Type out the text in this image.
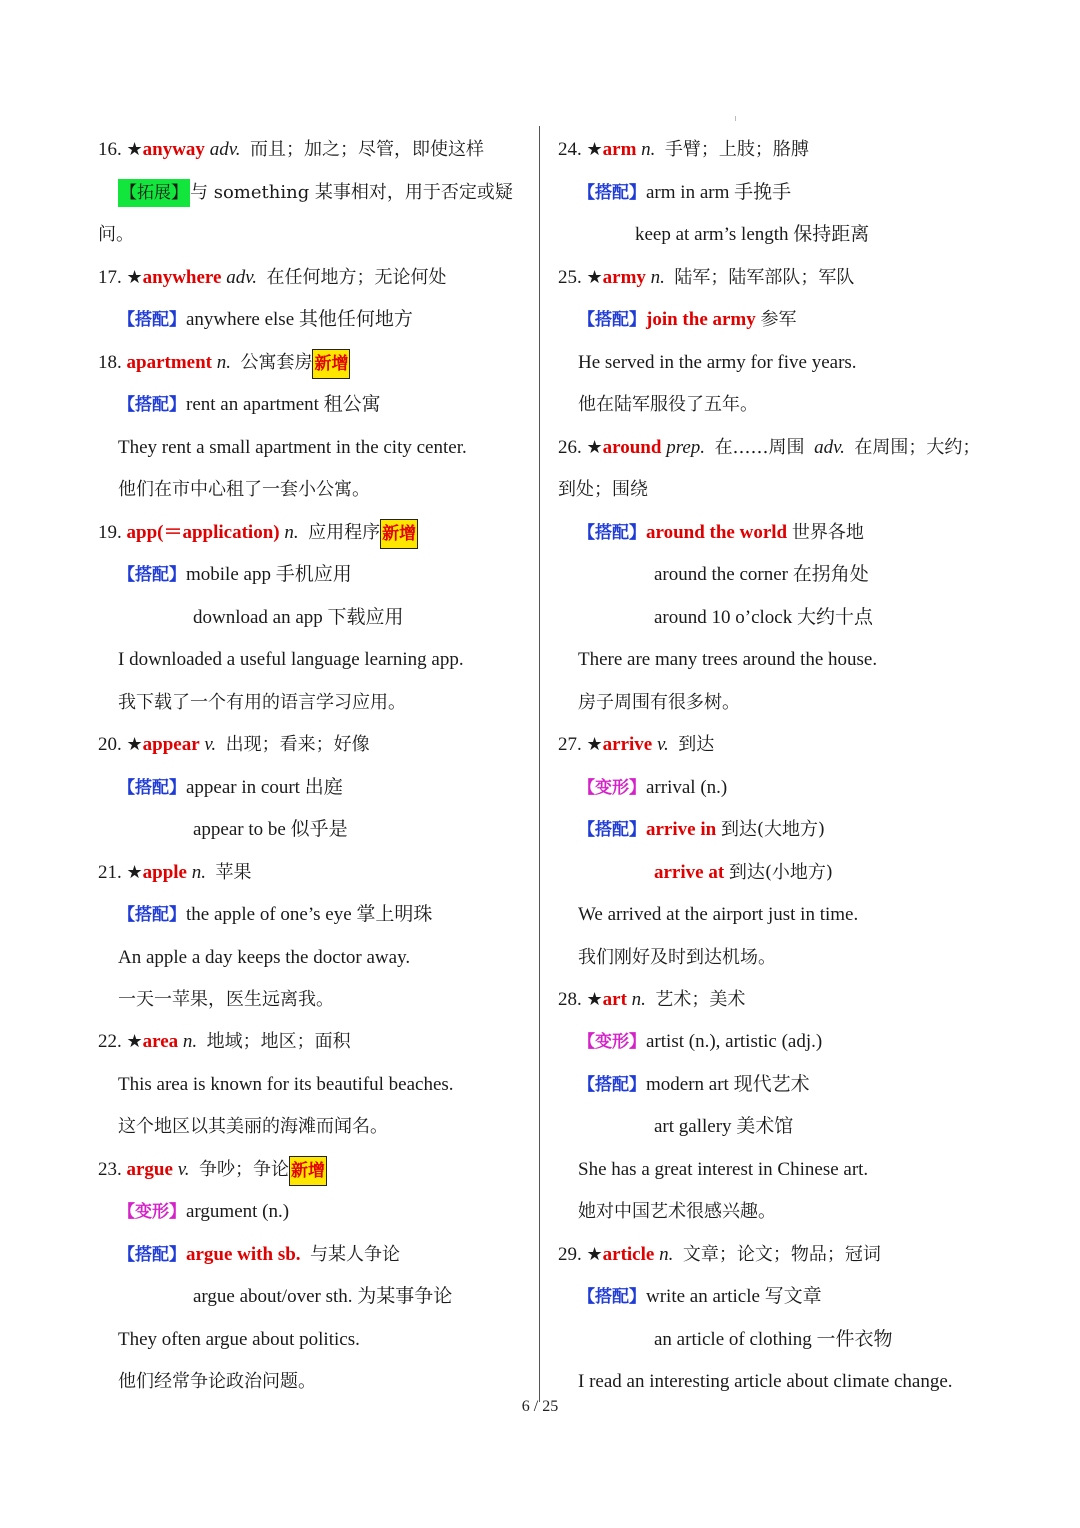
16. ★anyway adv. 而且；加之；尽管，即使这样
【拓展】 与 something 某事相对，用于否定或疑
问。
17. ★anywhere adv. 在任何地方；无论何处
【搭配】anywhere else 其他任何地方
18. apartment n. 公寓套房 新增
【搭配】rent an apartment 租公寓
They rent a small apartment in the city center.
他们在市中心租了一套小公寓。
19. app(＝application) n. 应用程序 新增
【搭配】mobile app 手机应用
download an app 下载应用
I downloaded a useful language learning app.
我下载了一个有用的语言学习应用。
20. ★appear v. 出现；看来；好像
【搭配】appear in court 出庭
appear to be 似乎是
21. ★apple n. 苹果
【搭配】the apple of one’s eye 掌上明珠
An apple a day keeps the doctor away.
一天一苹果，医生远离我。
22. ★area n. 地域；地区；面积
This area is known for its beautiful beaches.
这个地区以其美丽的海滩而闻名。
23. argue v. 争吵；争论 新增
【变形】argument (n.)
【搭配】argue with sb. 与某人争论
argue about/over sth. 为某事争论
They often argue about politics.
他们经常争论政治问题。
24. ★arm n. 手臂；上肢；胳膊
【搭配】arm in arm 手挽手
keep at arm’s length 保持距离
25. ★army n. 陆军；陆军部队；军队
【搭配】join the army 参军
He served in the army for five years.
他在陆军服役了五年。
26. ★around prep. 在……周围 adv. 在周围；大约；
到处；围绕
【搭配】around the world 世界各地
around the corner 在拐角处
around 10 o’clock 大约十点
There are many trees around the house.
房子周围有很多树。
27. ★arrive v. 到达
【变形】arrival (n.)
【搭配】arrive in 到达(大地方)
arrive at 到达(小地方)
We arrived at the airport just in time.
我们刚好及时到达机场。
28. ★art n. 艺术；美术
【变形】artist (n.), artistic (adj.)
【搭配】modern art 现代艺术
art gallery 美术馆
She has a great interest in Chinese art.
她对中国艺术很感兴趣。
29. ★article n. 文章；论文；物品；冠词
【搭配】write an article 写文章
an article of clothing 一件衣物
I read an interesting article about climate change.
6 / 25
